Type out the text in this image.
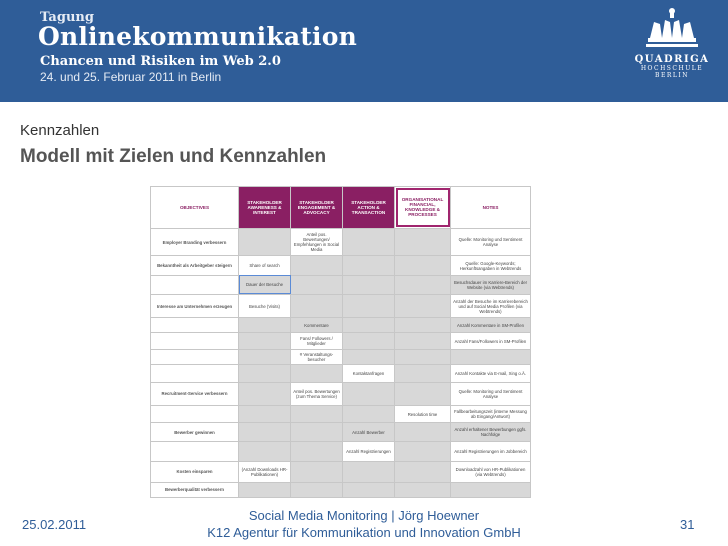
Tagung
Onlinekommunikation
Chancen und Risiken im Web 2.0
24. und 25. Februar 2011 in Berlin
QUADRIGA
HOCHSCHULE
BERLIN
Kennzahlen
Modell mit Zielen und Kennzahlen
OBJECTIVES	STAKEHOLDER AWARENESS & INTEREST	STAKEHOLDER ENGAGEMENT & ADVOCACY	STAKEHOLDER ACTION & TRANSACTION	ORGANISATIONAL FINANCIAL, KNOWLEDGE & PROCESSES	NOTES
Employer Branding verbessern		Anteil pos. Bewertungen/ Empfehlungen in Social Media			Quelle: Monitoring und Sentiment Analyse
Bekanntheit als Arbeitgeber steigern	Share of search				Quelle: Google-Keywords; Herkunftsangaben in Webtrends
	Dauer der Besuche				Besuchsdauer im Karriere-Bereich der Website (via Webtrends)
Interesse am Unternehmen erzeugen	Besuche (Visits)				Anzahl der Besuche im Karrierebereich und auf Social Media Profilen (via Webtrends)
		Kommentare			Anzahl Kommentare in SM-Profilen
		Fans/ Followers / Mitglieder			Anzahl Fans/Followers in SM-Profilen
		# Veranstaltungs-besucher			
			Kontaktanfragen		Anzahl Kontakte via E-mail, Xing o.Ä.
Recruitment-Service verbessern		Anteil pos. Bewertungen (zum Thema Service)			Quelle: Monitoring und Sentiment Analyse
				Resolution time	Fallbearbeitungszeit (interne Messung ab Eingang/Antwort)
Bewerber gewinnen			Anzahl Bewerber		Anzahl erhaltener Bewerbungen ggfs. Nachfolge
			Anzahl Registrierungen		Anzahl Registrierungen im Jobbereich
Kosten einsparen	(Anzahl Downloads HR-Publikationen)				Downloadzahl von HR-Publikationen (via Webtrends)
Bewerberqualität verbessern					
Social Media Monitoring | Jörg Hoewner
K12 Agentur für Kommunikation und Innovation GmbH
25.02.2011	31
